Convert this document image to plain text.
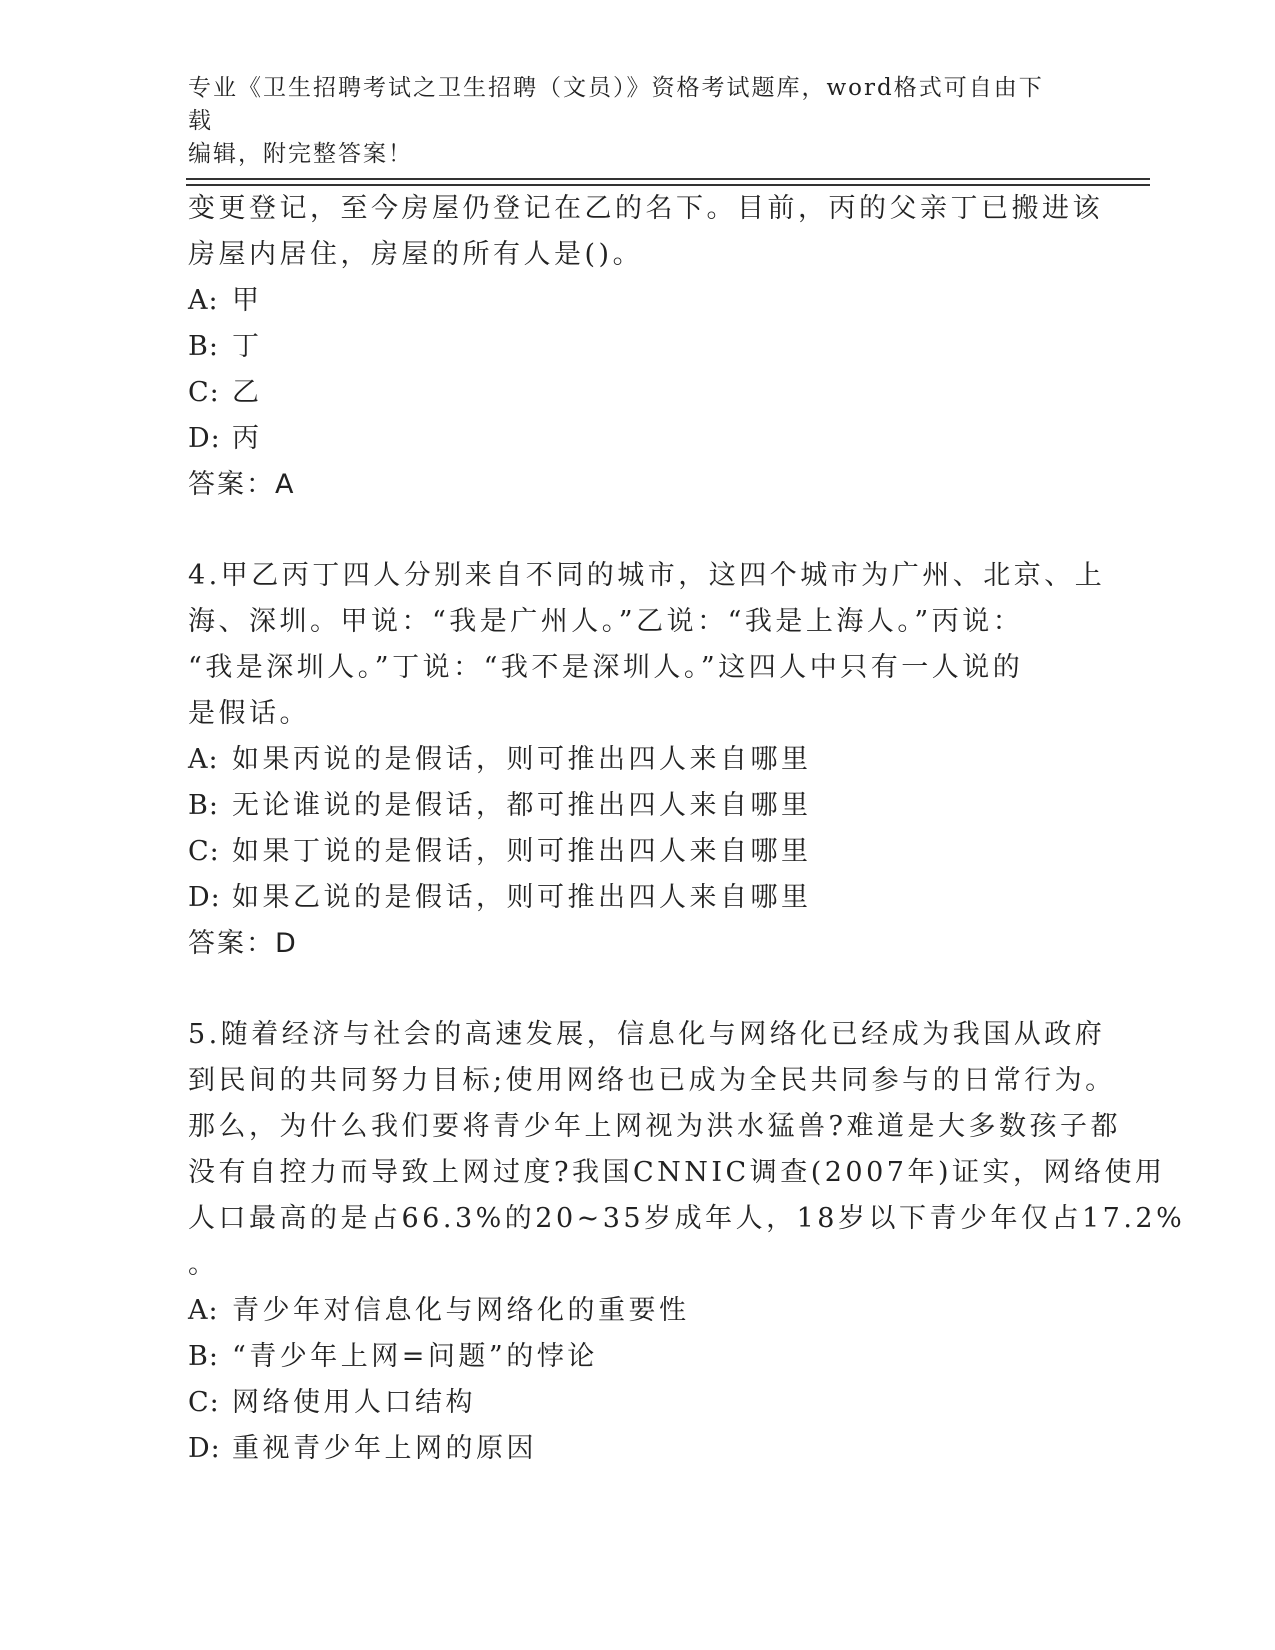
专业《卫生招聘考试之卫生招聘（文员）》资格考试题库，word格式可自由下载
编辑，附完整答案！
变更登记，至今房屋仍登记在乙的名下。目前，丙的父亲丁已搬进该
房屋内居住，房屋的所有人是()。
A: 甲
B: 丁
C: 乙
D: 丙
答案：A
4.甲乙丙丁四人分别来自不同的城市，这四个城市为广州、北京、上
海、深圳。甲说：“我是广州人。”乙说：“我是上海人。”丙说：
“我是深圳人。”丁说：“我不是深圳人。”这四人中只有一人说的
是假话。
A: 如果丙说的是假话，则可推出四人来自哪里
B: 无论谁说的是假话，都可推出四人来自哪里
C: 如果丁说的是假话，则可推出四人来自哪里
D: 如果乙说的是假话，则可推出四人来自哪里
答案：D
5.随着经济与社会的高速发展，信息化与网络化已经成为我国从政府
到民间的共同努力目标;使用网络也已成为全民共同参与的日常行为。
那么，为什么我们要将青少年上网视为洪水猛兽?难道是大多数孩子都
没有自控力而导致上网过度?我国CNNIC调查(2007年)证实，网络使用
人口最高的是占66.3%的20~35岁成年人，18岁以下青少年仅占17.2%
。
A: 青少年对信息化与网络化的重要性
B: “青少年上网=问题”的悖论
C: 网络使用人口结构
D: 重视青少年上网的原因
